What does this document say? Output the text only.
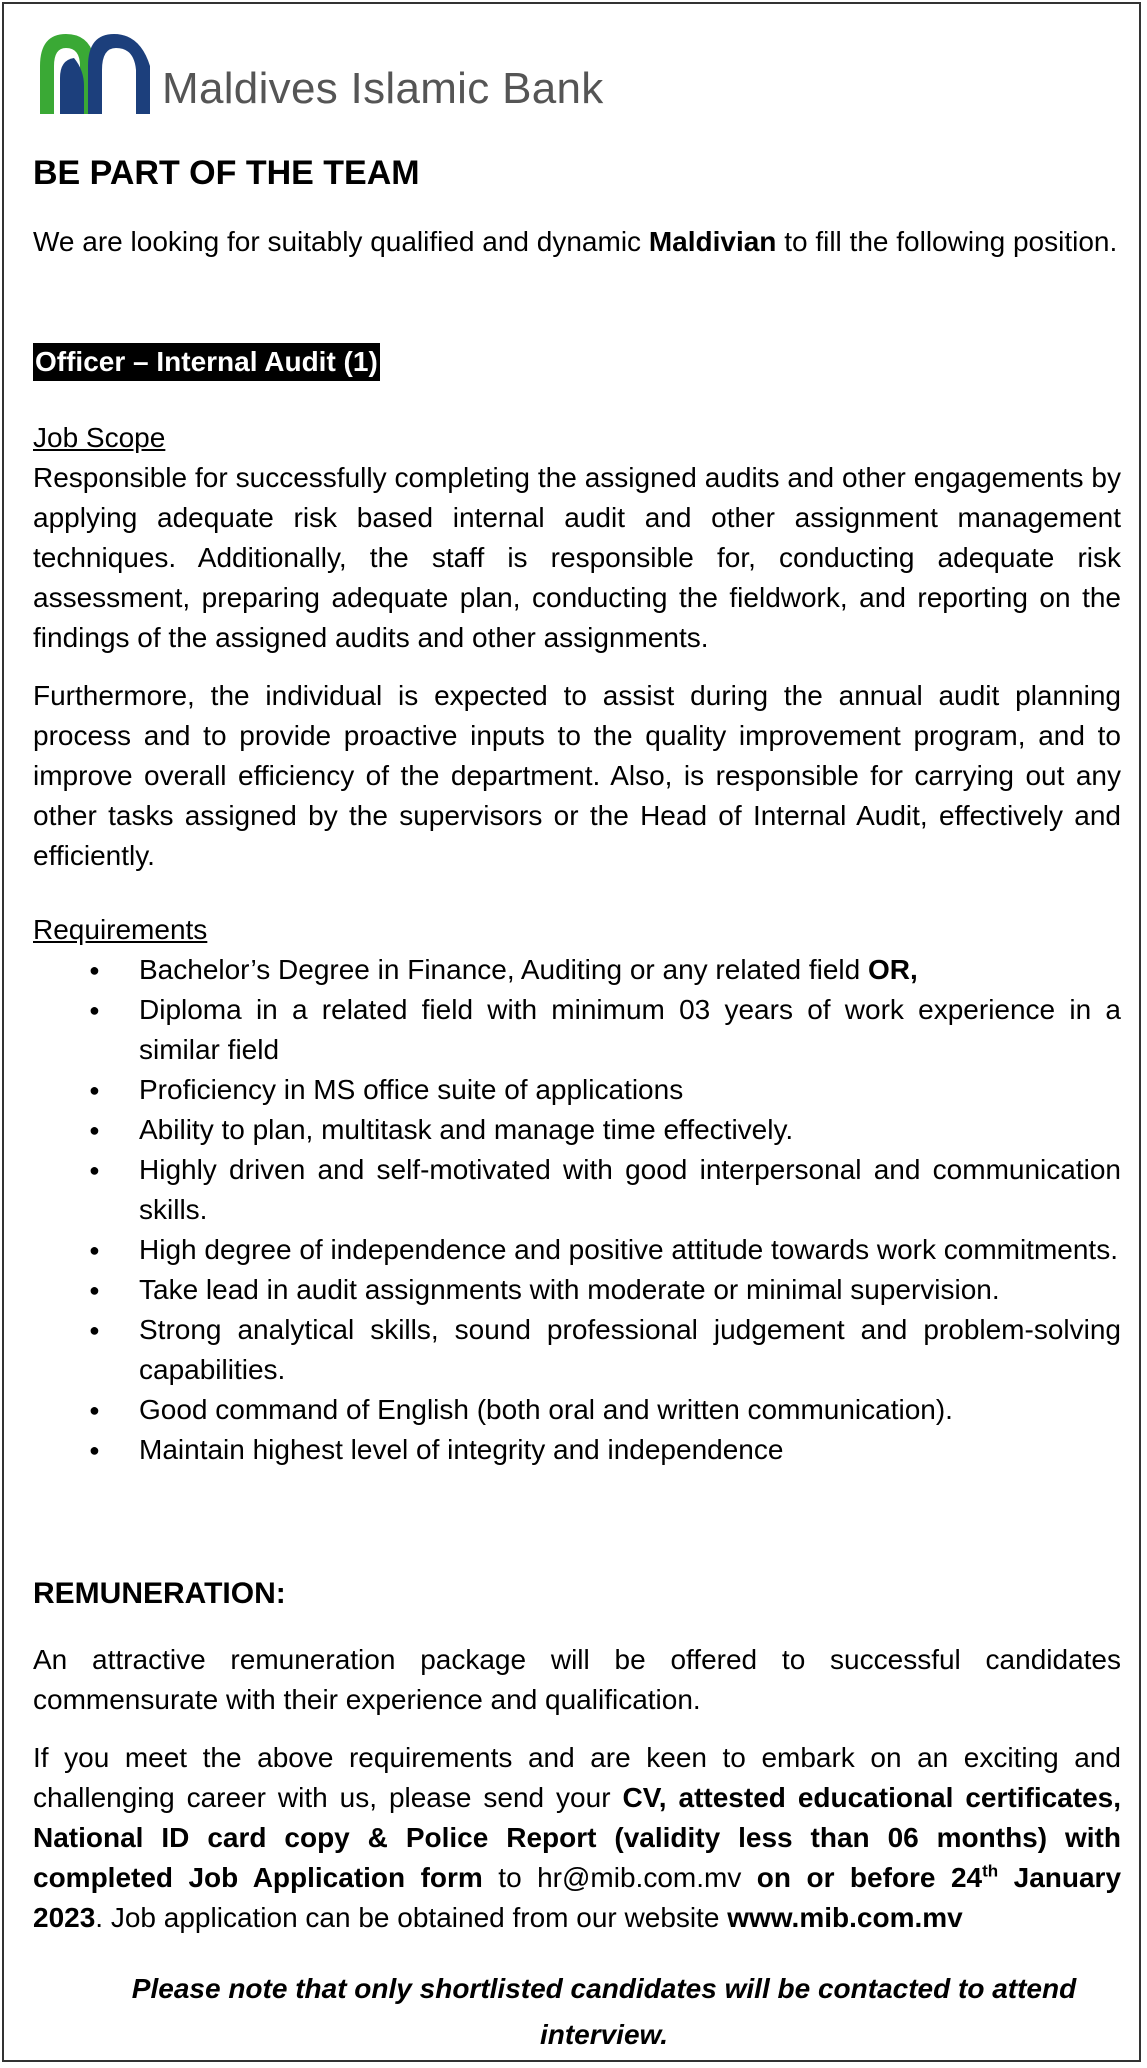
Maldives Islamic Bank
BE PART OF THE TEAM

We are looking for suitably qualified and dynamic Maldivian to fill the following position.

Officer – Internal Audit (1)

Job Scope

Responsible for successfully completing the assigned audits and other engagements by applying adequate risk based internal audit and other assignment management techniques. Additionally, the staff is responsible for, conducting adequate risk assessment, preparing adequate plan, conducting the fieldwork, and reporting on the findings of the assigned audits and other assignments.

Furthermore, the individual is expected to assist during the annual audit planning process and to provide proactive inputs to the quality improvement program, and to improve overall efficiency of the department. Also, is responsible for carrying out any other tasks assigned by the supervisors or the Head of Internal Audit, effectively and efficiently.

Requirements

● Bachelor’s Degree in Finance, Auditing or any related field OR,
● Diploma in a related field with minimum 03 years of work experience in a similar field
● Proficiency in MS office suite of applications
● Ability to plan, multitask and manage time effectively.
● Highly driven and self-motivated with good interpersonal and communication skills.
● High degree of independence and positive attitude towards work commitments.
● Take lead in audit assignments with moderate or minimal supervision.
● Strong analytical skills, sound professional judgement and problem-solving capabilities.
● Good command of English (both oral and written communication).
● Maintain highest level of integrity and independence

REMUNERATION:

An attractive remuneration package will be offered to successful candidates commensurate with their experience and qualification.

If you meet the above requirements and are keen to embark on an exciting and challenging career with us, please send your CV, attested educational certificates, National ID card copy & Police Report (validity less than 06 months) with completed Job Application form to hr@mib.com.mv on or before 24th January 2023. Job application can be obtained from our website www.mib.com.mv

Please note that only shortlisted candidates will be contacted to attend interview.
